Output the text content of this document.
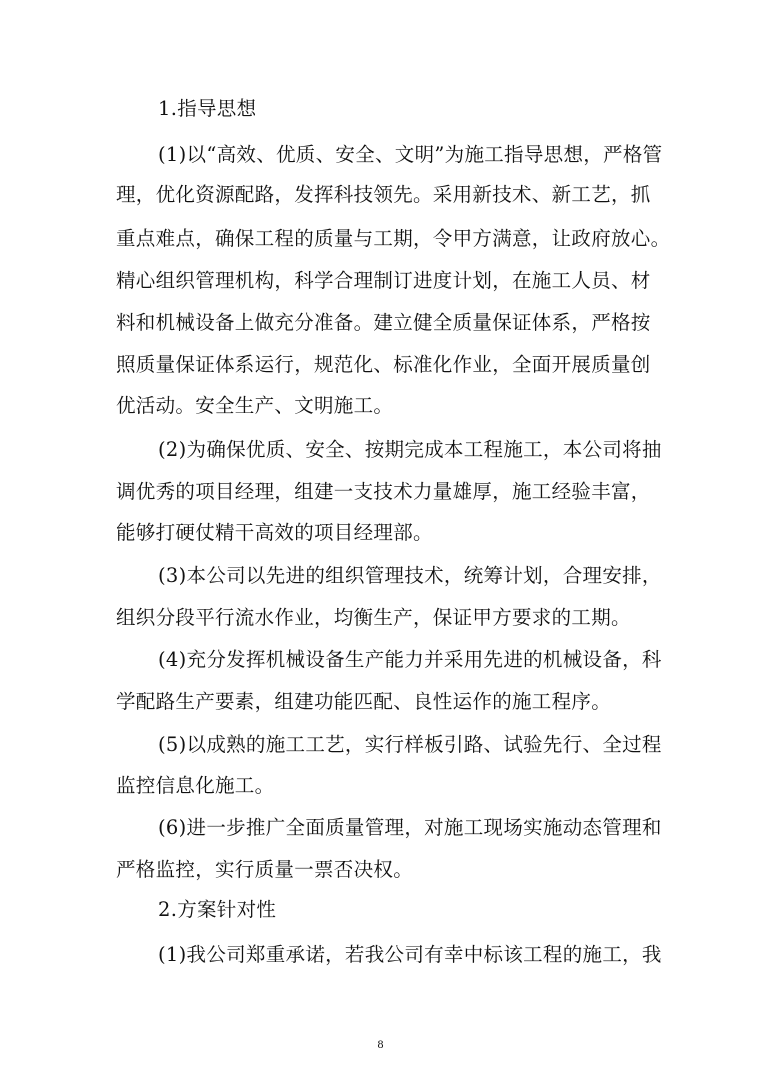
1.指导思想
(1)以“高效、优质、安全、文明”为施工指导思想，严格管
理，优化资源配路，发挥科技领先。采用新技术、新工艺，抓
重点难点，确保工程的质量与工期，令甲方满意，让政府放心。
精心组织管理机构，科学合理制订进度计划，在施工人员、材
料和机械设备上做充分准备。建立健全质量保证体系，严格按
照质量保证体系运行，规范化、标准化作业，全面开展质量创
优活动。安全生产、文明施工。
(2)为确保优质、安全、按期完成本工程施工，本公司将抽
调优秀的项目经理，组建一支技术力量雄厚，施工经验丰富，
能够打硬仗精干高效的项目经理部。
(3)本公司以先进的组织管理技术，统筹计划，合理安排，
组织分段平行流水作业，均衡生产，保证甲方要求的工期。
(4)充分发挥机械设备生产能力并采用先进的机械设备，科
学配路生产要素，组建功能匹配、良性运作的施工程序。
(5)以成熟的施工工艺，实行样板引路、试验先行、全过程
监控信息化施工。
(6)进一步推广全面质量管理，对施工现场实施动态管理和
严格监控，实行质量一票否决权。
2.方案针对性
(1)我公司郑重承诺，若我公司有幸中标该工程的施工，我
8
